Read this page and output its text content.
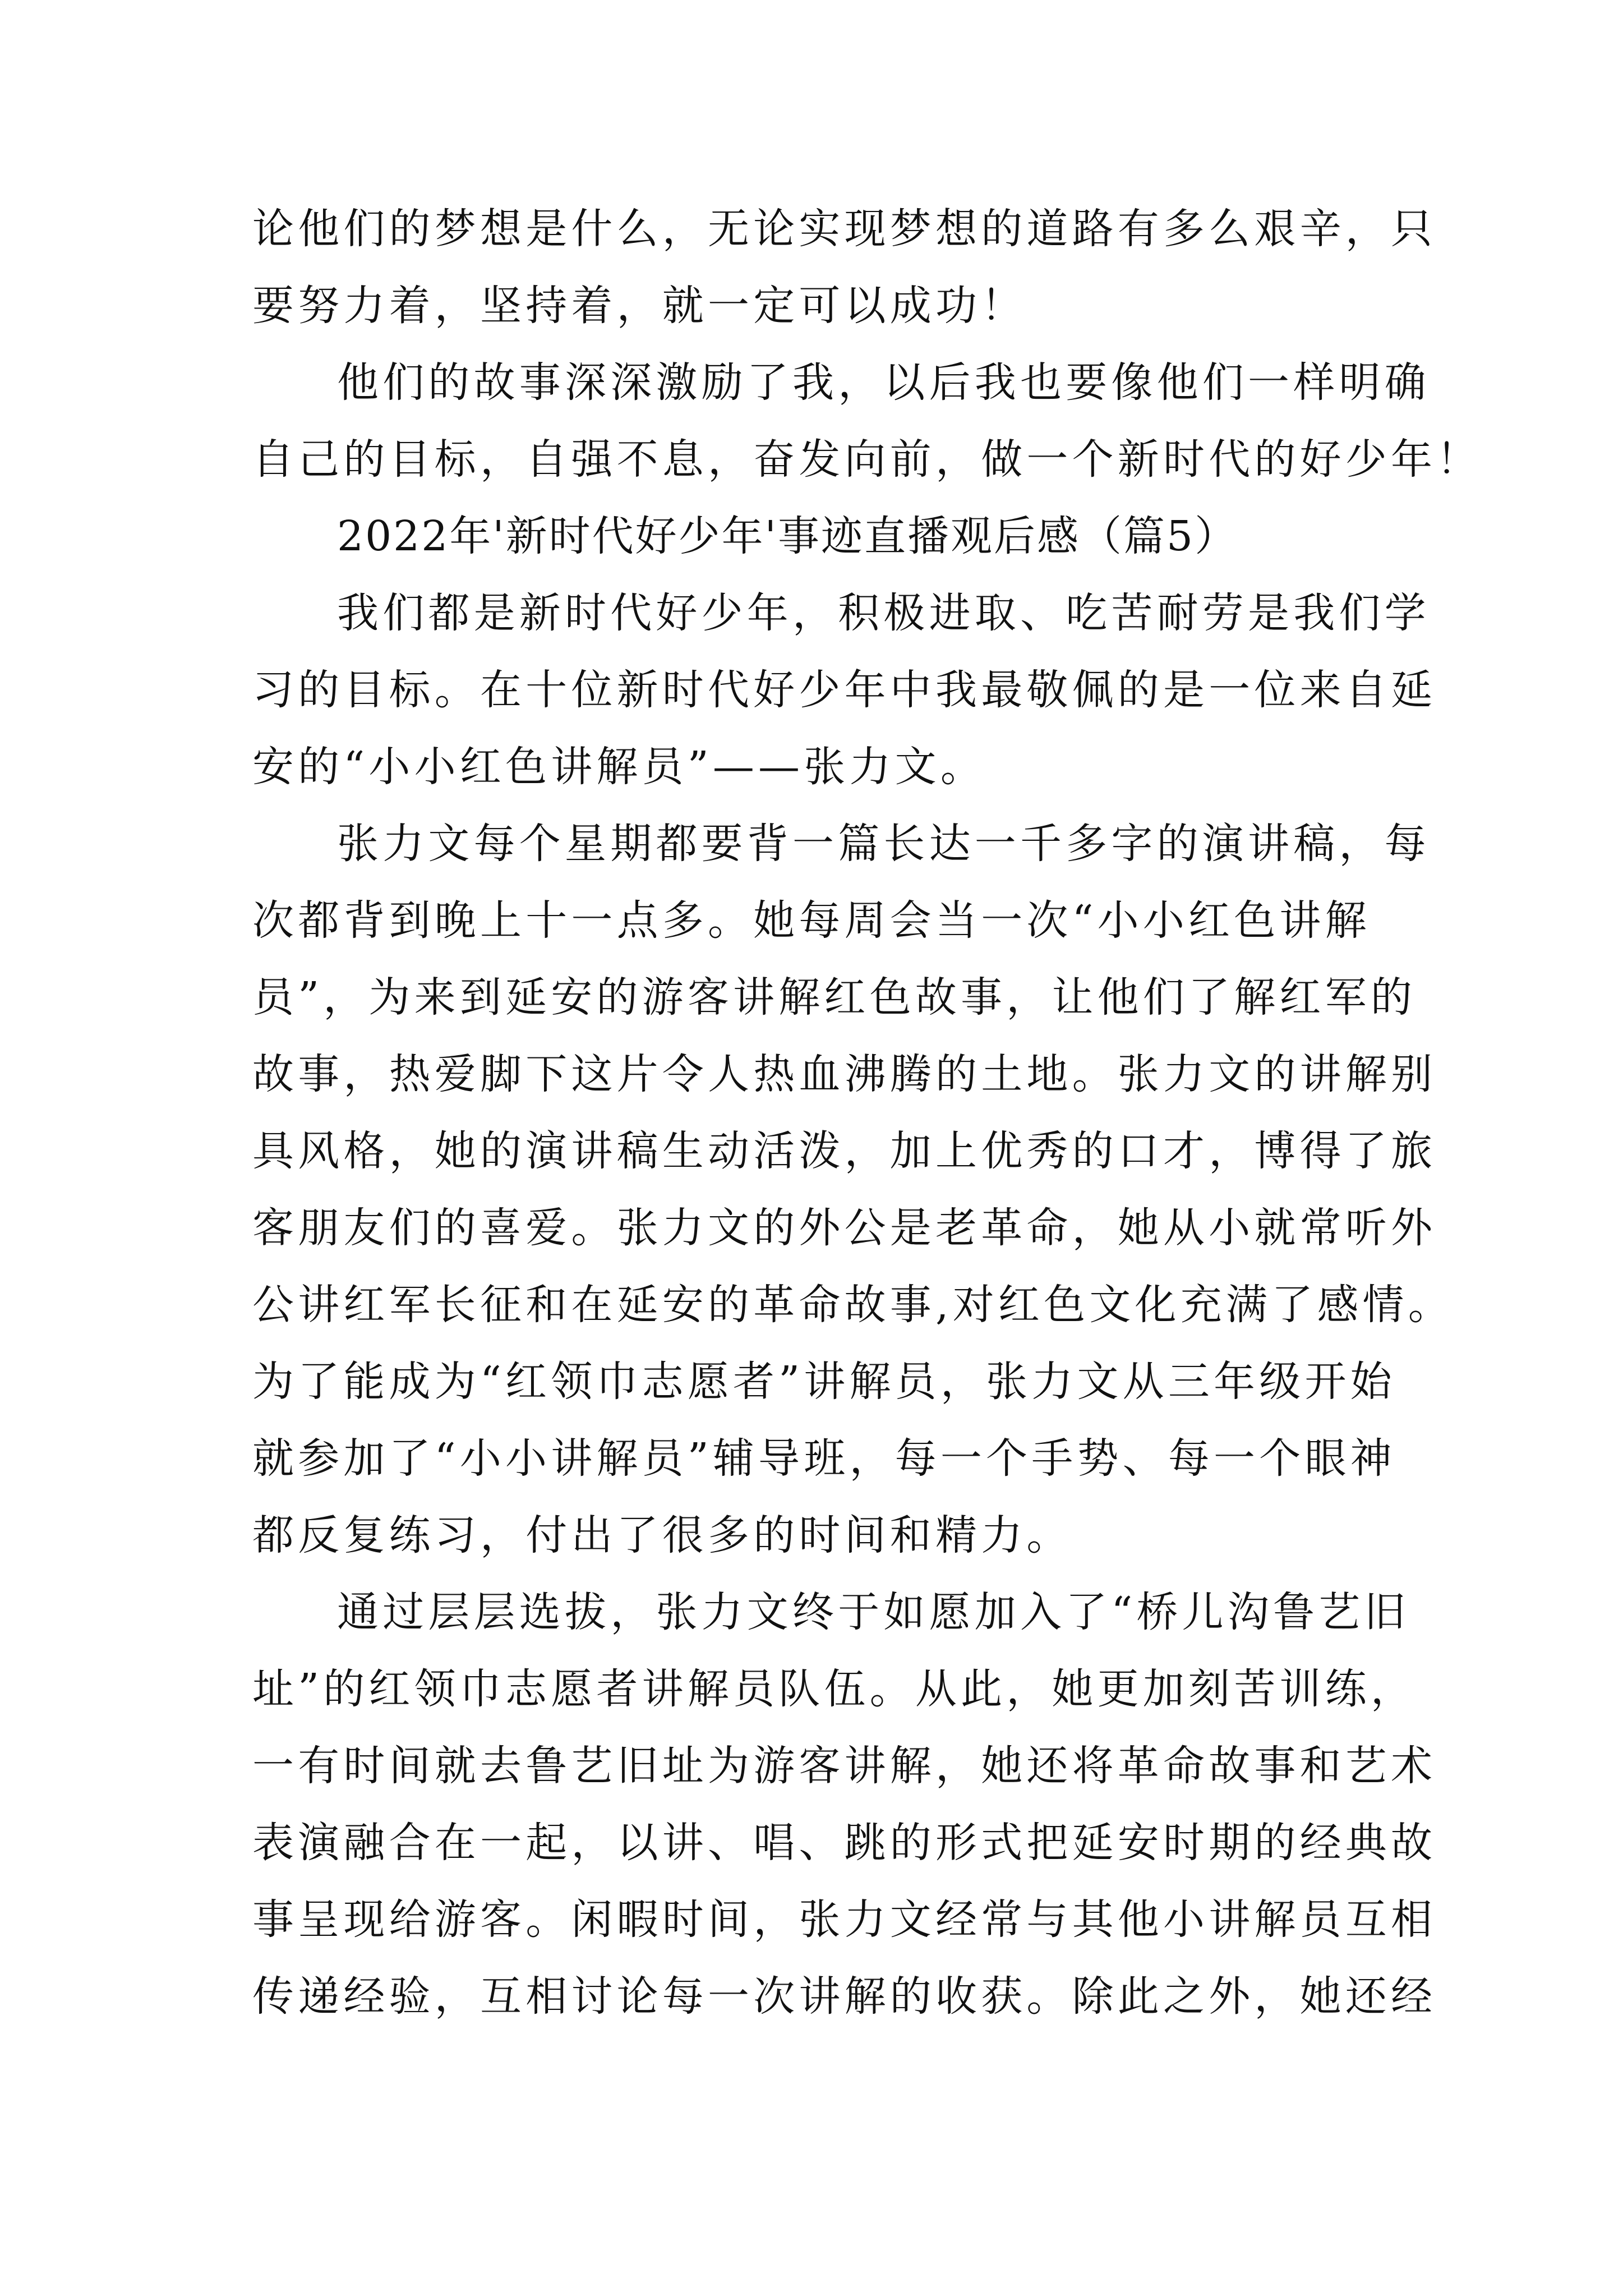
论他们的梦想是什么，无论实现梦想的道路有多么艰辛，只
要努力着，坚持着，就一定可以成功！
他们的故事深深激励了我，以后我也要像他们一样明确
自己的目标，自强不息，奋发向前，做一个新时代的好少年！
2022年'新时代好少年'事迹直播观后感（篇5）
我们都是新时代好少年，积极进取、吃苦耐劳是我们学
习的目标。在十位新时代好少年中我最敬佩的是一位来自延
安的“小小红色讲解员”——张力文。
张力文每个星期都要背一篇长达一千多字的演讲稿，每
次都背到晚上十一点多。她每周会当一次“小小红色讲解
员”，为来到延安的游客讲解红色故事，让他们了解红军的
故事，热爱脚下这片令人热血沸腾的土地。张力文的讲解别
具风格，她的演讲稿生动活泼，加上优秀的口才，博得了旅
客朋友们的喜爱。张力文的外公是老革命，她从小就常听外
公讲红军长征和在延安的革命故事,对红色文化充满了感情。
为了能成为“红领巾志愿者”讲解员，张力文从三年级开始
就参加了“小小讲解员”辅导班，每一个手势、每一个眼神
都反复练习，付出了很多的时间和精力。
通过层层选拔，张力文终于如愿加入了“桥儿沟鲁艺旧
址”的红领巾志愿者讲解员队伍。从此，她更加刻苦训练，
一有时间就去鲁艺旧址为游客讲解，她还将革命故事和艺术
表演融合在一起，以讲、唱、跳的形式把延安时期的经典故
事呈现给游客。闲暇时间，张力文经常与其他小讲解员互相
传递经验，互相讨论每一次讲解的收获。除此之外，她还经
